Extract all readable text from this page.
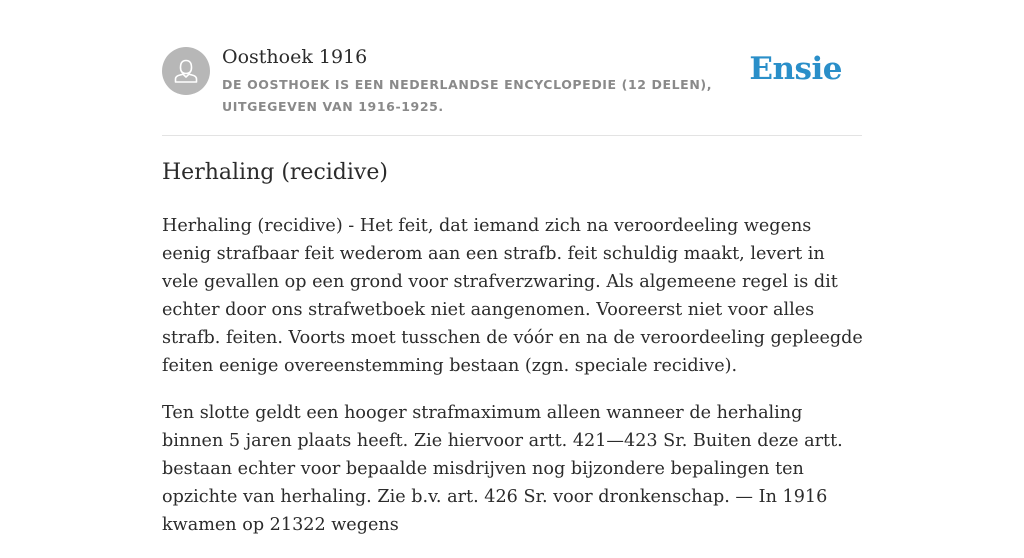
Oosthoek 1916
DE OOSTHOEK IS EEN NEDERLANDSE ENCYCLOPEDIE (12 DELEN), UITGEGEVEN VAN 1916-1925.
Ensie
Herhaling (recidive)

Herhaling (recidive) - Het feit, dat iemand zich na veroordeeling wegens eenig strafbaar feit wederom aan een strafb. feit schuldig maakt, levert in vele gevallen op een grond voor strafverzwaring. Als algemeene regel is dit echter door ons strafwetboek niet aangenomen. Vooreerst niet voor alles strafb. feiten. Voorts moet tusschen de vóór en na de veroordeeling gepleegde feiten eenige overeenstemming bestaan (zgn. speciale recidive).

Ten slotte geldt een hooger strafmaximum alleen wanneer de herhaling binnen 5 jaren plaats heeft. Zie hiervoor artt. 421—423 Sr. Buiten deze artt. bestaan echter voor bepaalde misdrijven nog bijzondere bepalingen ten opzichte van herhaling. Zie b.v. art. 426 Sr. voor dronkenschap. — In 1916 kwamen op 21322 wegens
